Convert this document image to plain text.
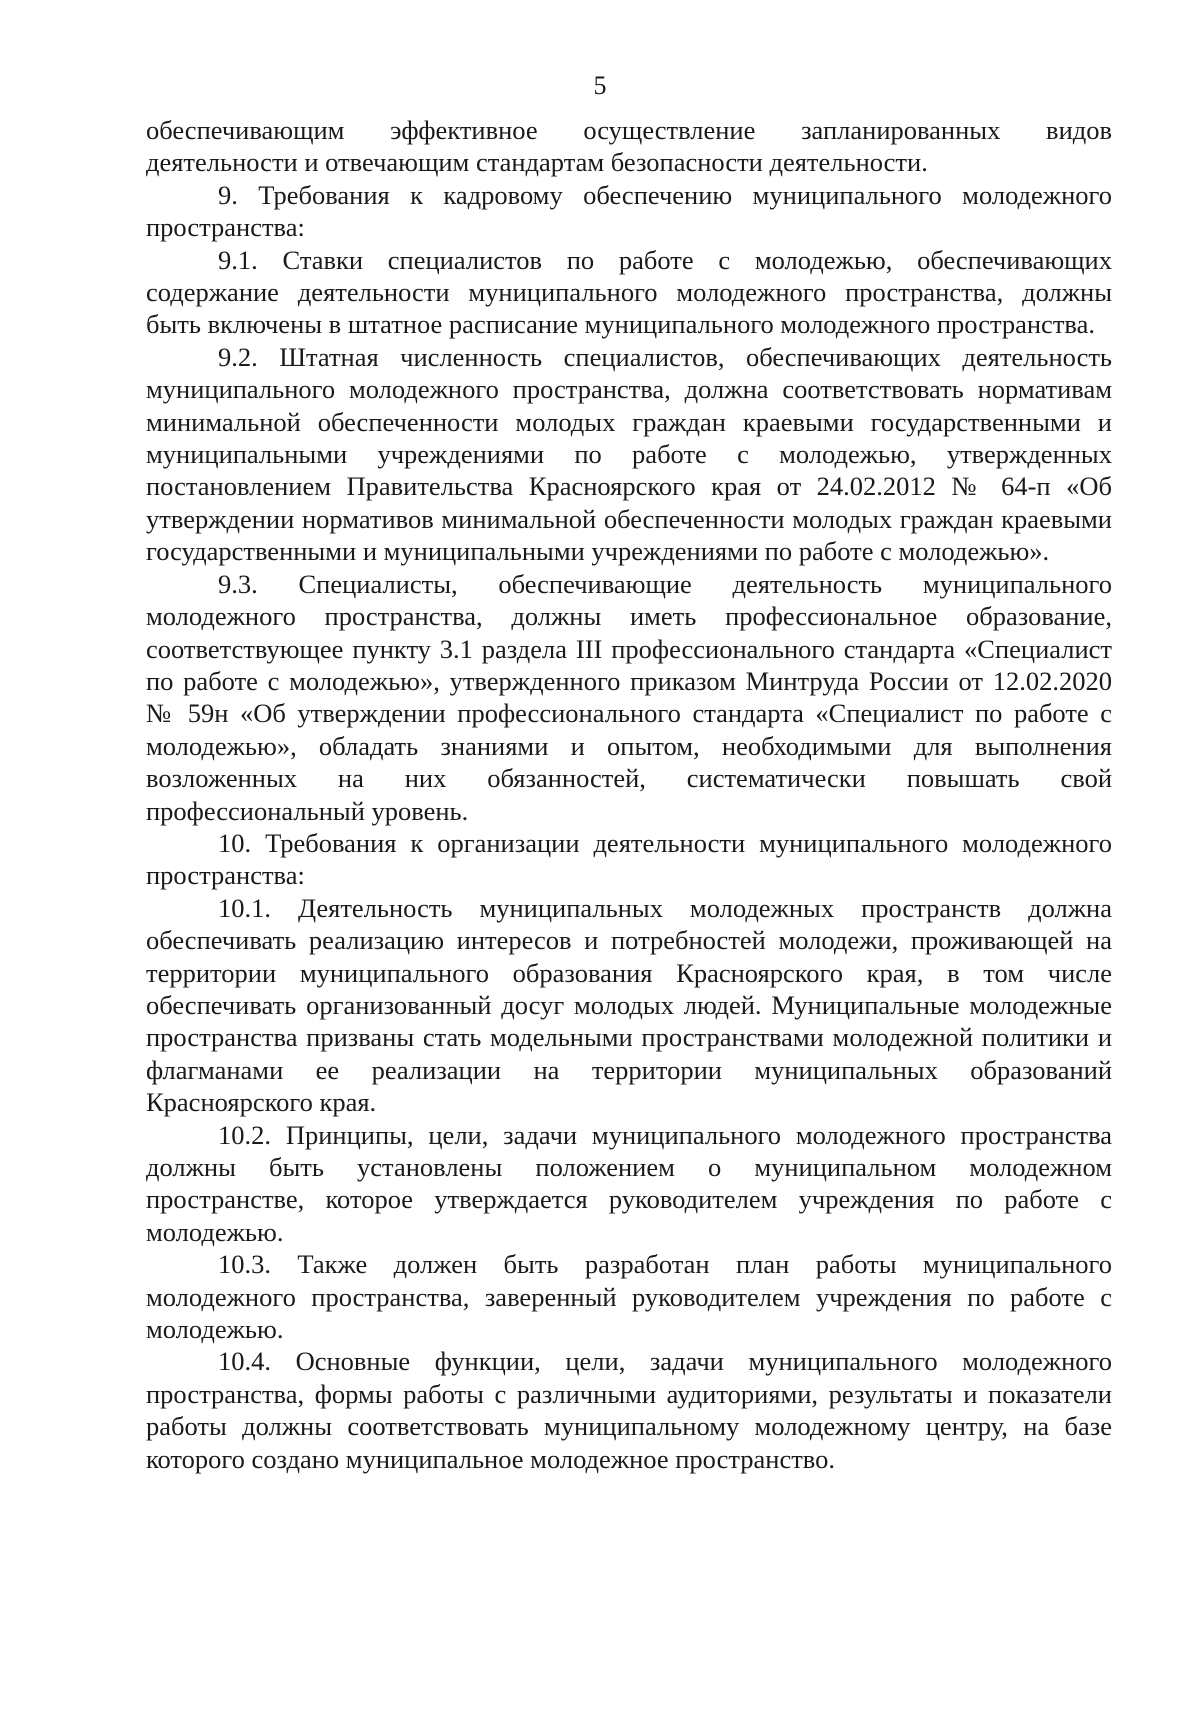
5

обеспечивающим эффективное осуществление запланированных видов деятельности и отвечающим стандартам безопасности деятельности.

9. Требования к кадровому обеспечению муниципального молодежного пространства:

9.1. Ставки специалистов по работе с молодежью, обеспечивающих содержание деятельности муниципального молодежного пространства, должны быть включены в штатное расписание муниципального молодежного пространства.

9.2. Штатная численность специалистов, обеспечивающих деятельность муниципального молодежного пространства, должна соответствовать нормативам минимальной обеспеченности молодых граждан краевыми государственными и муниципальными учреждениями по работе с молодежью, утвержденных постановлением Правительства Красноярского края от 24.02.2012 № 64-п «Об утверждении нормативов минимальной обеспеченности молодых граждан краевыми государственными и муниципальными учреждениями по работе с молодежью».

9.3. Специалисты, обеспечивающие деятельность муниципального молодежного пространства, должны иметь профессиональное образование, соответствующее пункту 3.1 раздела III профессионального стандарта «Специалист по работе с молодежью», утвержденного приказом Минтруда России от 12.02.2020 № 59н «Об утверждении профессионального стандарта «Специалист по работе с молодежью», обладать знаниями и опытом, необходимыми для выполнения возложенных на них обязанностей, систематически повышать свой профессиональный уровень.

10. Требования к организации деятельности муниципального молодежного пространства:

10.1. Деятельность муниципальных молодежных пространств должна обеспечивать реализацию интересов и потребностей молодежи, проживающей на территории муниципального образования Красноярского края, в том числе обеспечивать организованный досуг молодых людей. Муниципальные молодежные пространства призваны стать модельными пространствами молодежной политики и флагманами ее реализации на территории муниципальных образований Красноярского края.

10.2. Принципы, цели, задачи муниципального молодежного пространства должны быть установлены положением о муниципальном молодежном пространстве, которое утверждается руководителем учреждения по работе с молодежью.

10.3. Также должен быть разработан план работы муниципального молодежного пространства, заверенный руководителем учреждения по работе с молодежью.

10.4. Основные функции, цели, задачи муниципального молодежного пространства, формы работы с различными аудиториями, результаты и показатели работы должны соответствовать муниципальному молодежному центру, на базе которого создано муниципальное молодежное пространство.
